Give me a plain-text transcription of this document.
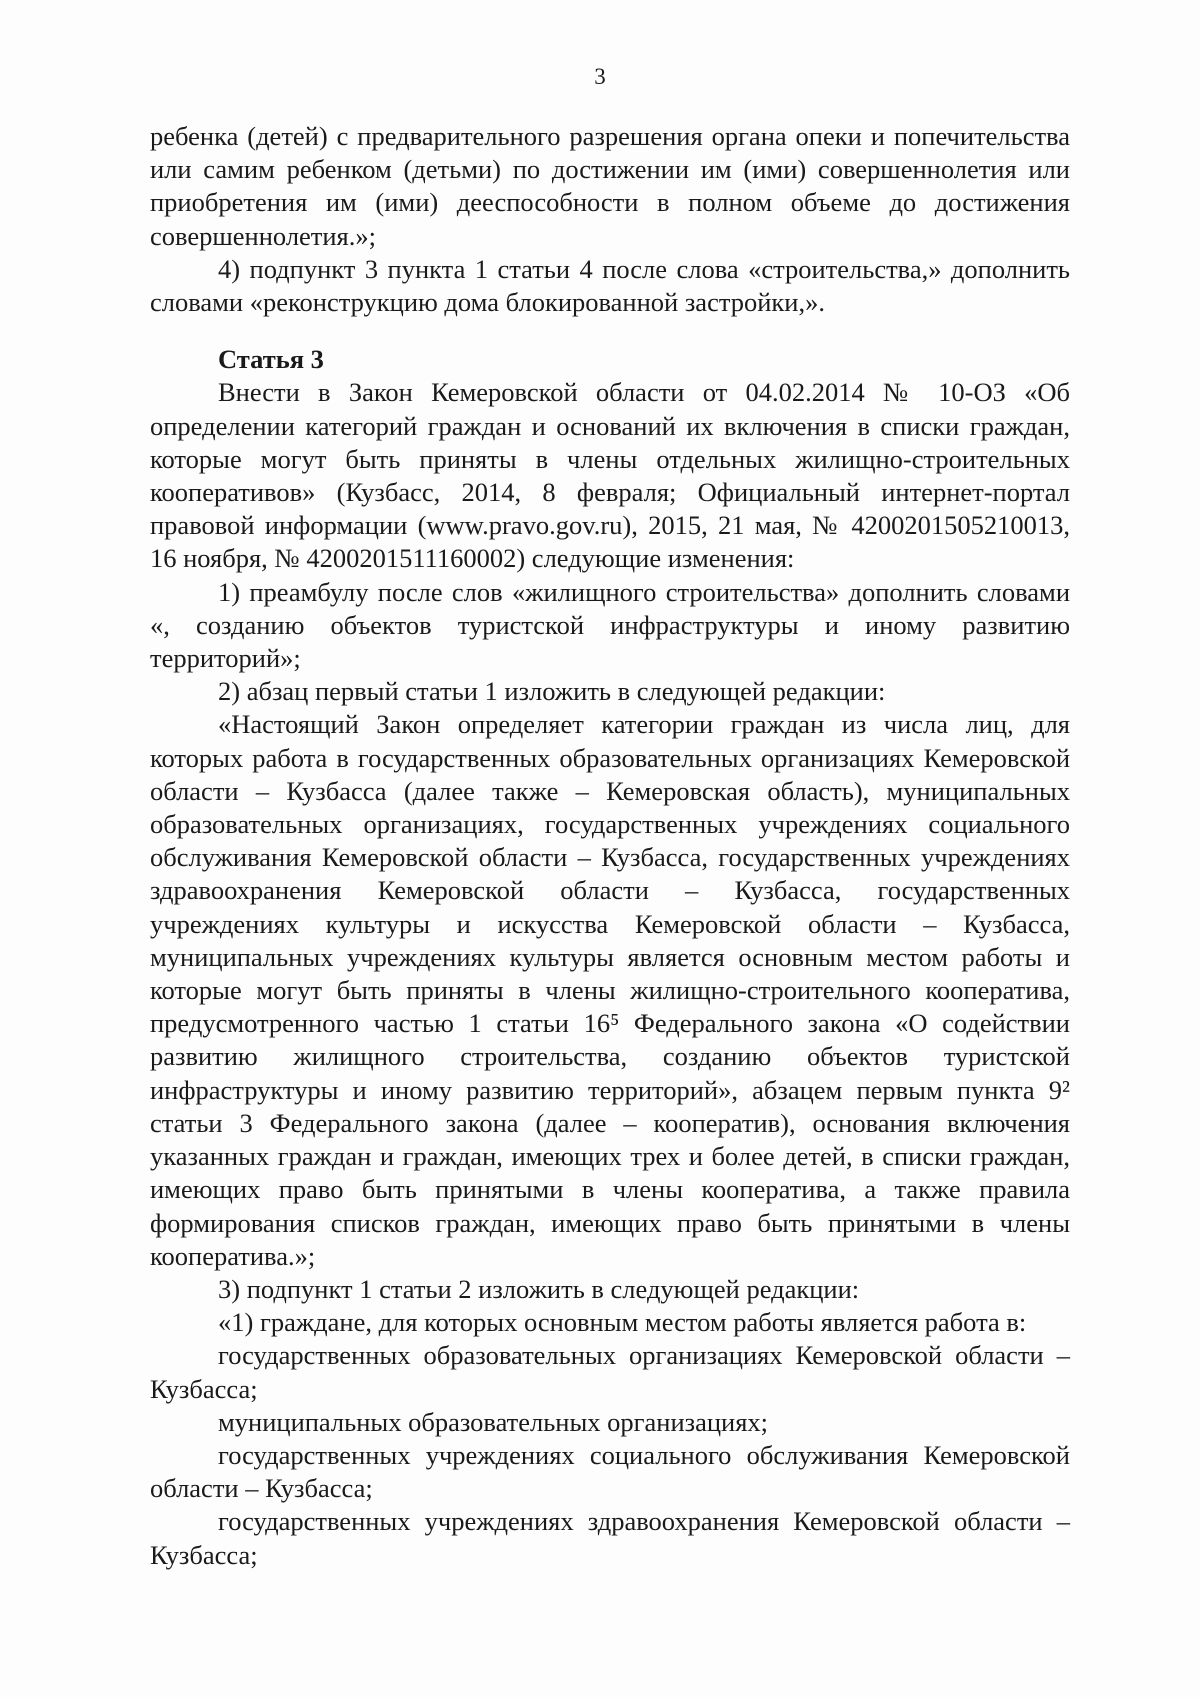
3

ребенка (детей) с предварительного разрешения органа опеки и попечительства или самим ребенком (детьми) по достижении им (ими) совершеннолетия или приобретения им (ими) дееспособности в полном объеме до достижения совершеннолетия.»;

4) подпункт 3 пункта 1 статьи 4 после слова «строительства,» дополнить словами «реконструкцию дома блокированной застройки,».

Статья 3

Внести в Закон Кемеровской области от 04.02.2014 № 10-ОЗ «Об определении категорий граждан и оснований их включения в списки граждан, которые могут быть приняты в члены отдельных жилищно-строительных кооперативов» (Кузбасс, 2014, 8 февраля; Официальный интернет-портал правовой информации (www.pravo.gov.ru), 2015, 21 мая, № 4200201505210013, 16 ноября, № 4200201511160002) следующие изменения:

1) преамбулу после слов «жилищного строительства» дополнить словами «, созданию объектов туристской инфраструктуры и иному развитию территорий»;

2) абзац первый статьи 1 изложить в следующей редакции:

«Настоящий Закон определяет категории граждан из числа лиц, для которых работа в государственных образовательных организациях Кемеровской области – Кузбасса (далее также – Кемеровская область), муниципальных образовательных организациях, государственных учреждениях социального обслуживания Кемеровской области – Кузбасса, государственных учреждениях здравоохранения Кемеровской области – Кузбасса, государственных учреждениях культуры и искусства Кемеровской области – Кузбасса, муниципальных учреждениях культуры является основным местом работы и которые могут быть приняты в члены жилищно-строительного кооператива, предусмотренного частью 1 статьи 16⁵ Федерального закона «О содействии развитию жилищного строительства, созданию объектов туристской инфраструктуры и иному развитию территорий», абзацем первым пункта 9² статьи 3 Федерального закона (далее – кооператив), основания включения указанных граждан и граждан, имеющих трех и более детей, в списки граждан, имеющих право быть принятыми в члены кооператива, а также правила формирования списков граждан, имеющих право быть принятыми в члены кооператива.»;

3) подпункт 1 статьи 2 изложить в следующей редакции:

«1) граждане, для которых основным местом работы является работа в:

государственных образовательных организациях Кемеровской области – Кузбасса;

муниципальных образовательных организациях;

государственных учреждениях социального обслуживания Кемеровской области – Кузбасса;

государственных учреждениях здравоохранения Кемеровской области – Кузбасса;
